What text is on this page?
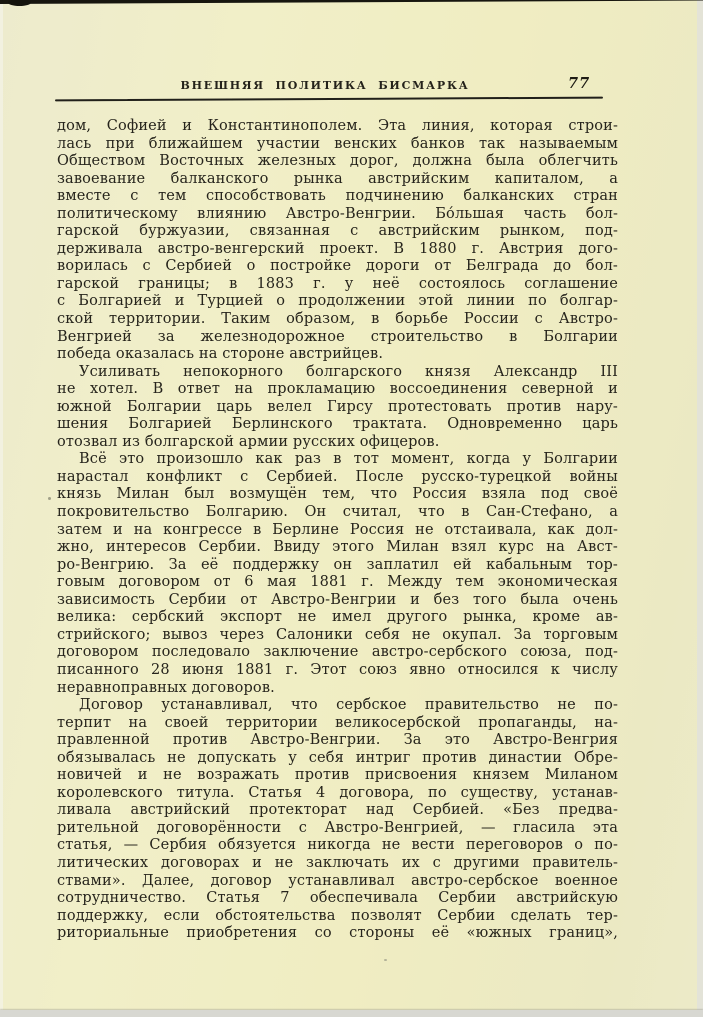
ВНЕШНЯЯ ПОЛИТИКА БИСМАРКА	77
дом, Софией и Константинополем. Эта линия, которая строи-
лась при ближайшем участии венских банков так называемым
Обществом Восточных железных дорог, должна была облегчить
завоевание балканского рынка австрийским капиталом, а
вместе с тем способствовать подчинению балканских стран
политическому влиянию Австро-Венгрии. Бо́льшая часть бол-
гарской буржуазии, связанная с австрийским рынком, под-
держивала австро-венгерский проект. В 1880 г. Австрия дого-
ворилась с Сербией о постройке дороги от Белграда до бол-
гарской границы; в 1883 г. у неё состоялось соглашение
с Болгарией и Турцией о продолжении этой линии по болгар-
ской территории. Таким образом, в борьбе России с Австро-
Венгрией за железнодорожное строительство в Болгарии
победа оказалась на стороне австрийцев.
Усиливать непокорного болгарского князя Александр III
не хотел. В ответ на прокламацию воссоединения северной и
южной Болгарии царь велел Гирсу протестовать против нару-
шения Болгарией Берлинского трактата. Одновременно царь
отозвал из болгарской армии русских офицеров.
Всё это произошло как раз в тот момент, когда у Болгарии
нарастал конфликт с Сербией. После русско-турецкой войны
князь Милан был возмущён тем, что Россия взяла под своё
покровительство Болгарию. Он считал, что в Сан-Стефано, а
затем и на конгрессе в Берлине Россия не отстаивала, как дол-
жно, интересов Сербии. Ввиду этого Милан взял курс на Авст-
ро-Венгрию. За её поддержку он заплатил ей кабальным тор-
говым договором от 6 мая 1881 г. Между тем экономическая
зависимость Сербии от Австро-Венгрии и без того была очень
велика: сербский экспорт не имел другого рынка, кроме ав-
стрийского; вывоз через Салоники себя не окупал. За торговым
договором последовало заключение австро-сербского союза, под-
писанного 28 июня 1881 г. Этот союз явно относился к числу
неравноправных договоров.
Договор устанавливал, что сербское правительство не по-
терпит на своей территории великосербской пропаганды, на-
правленной против Австро-Венгрии. За это Австро-Венгрия
обязывалась не допускать у себя интриг против династии Обре-
новичей и не возражать против присвоения князем Миланом
королевского титула. Статья 4 договора, по существу, устанав-
ливала австрийский протекторат над Сербией. «Без предва-
рительной договорённости с Австро-Венгрией, — гласила эта
статья, — Сербия обязуется никогда не вести переговоров о по-
литических договорах и не заключать их с другими правитель-
ствами». Далее, договор устанавливал австро-сербское военное
сотрудничество. Статья 7 обеспечивала Сербии австрийскую
поддержку, если обстоятельства позволят Сербии сделать тер-
риториальные приобретения со стороны её «южных границ»,
